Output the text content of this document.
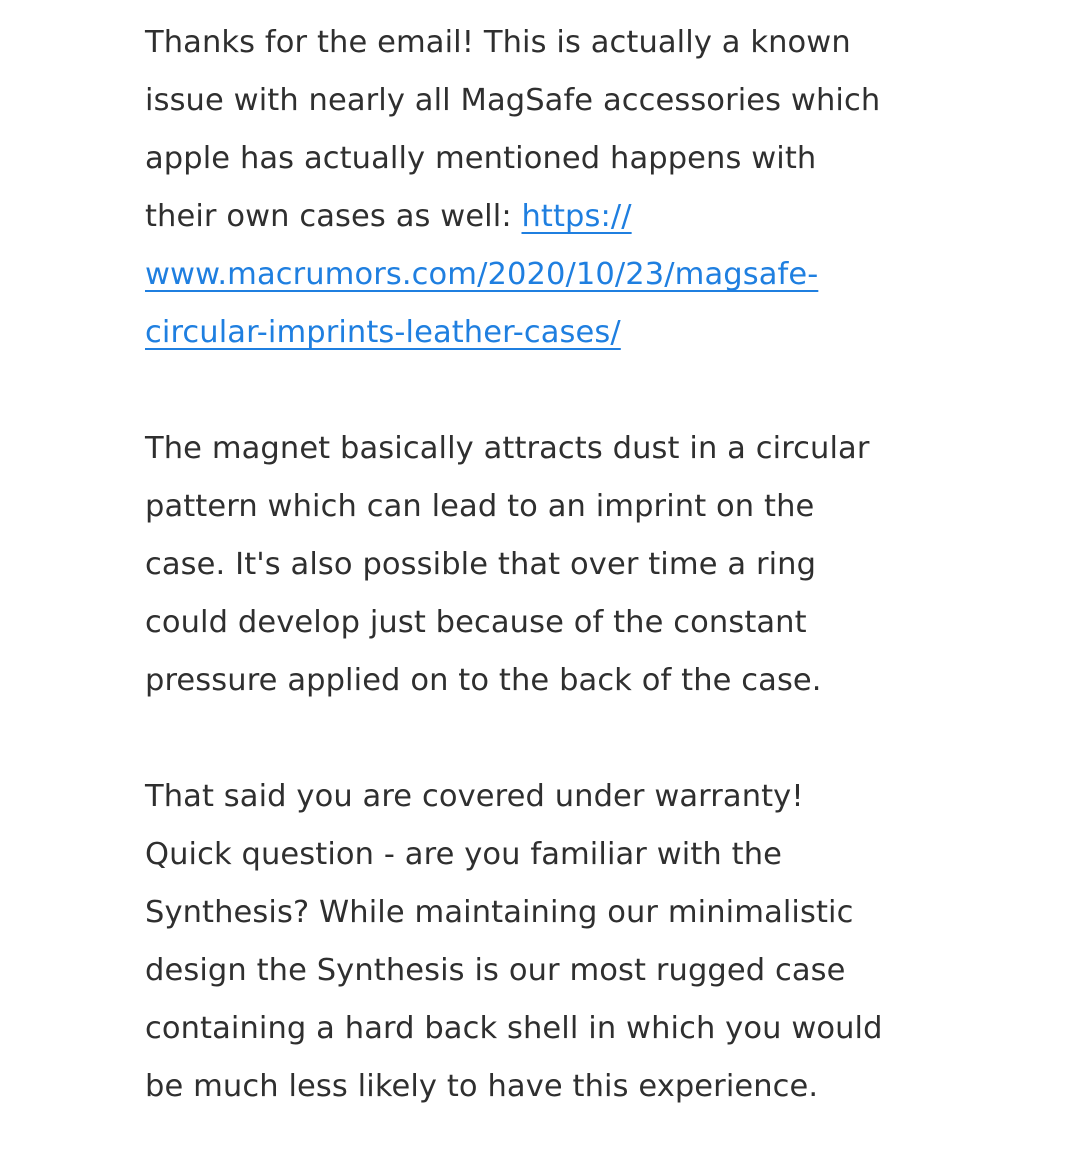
Thanks for the email! This is actually a known
issue with nearly all MagSafe accessories which
apple has actually mentioned happens with
their own cases as well: https://
www.macrumors.com/2020/10/23/magsafe-
circular-imprints-leather-cases/

The magnet basically attracts dust in a circular
pattern which can lead to an imprint on the
case. It's also possible that over time a ring
could develop just because of the constant
pressure applied on to the back of the case.

That said you are covered under warranty!
Quick question - are you familiar with the
Synthesis? While maintaining our minimalistic
design the Synthesis is our most rugged case
containing a hard back shell in which you would
be much less likely to have this experience.
